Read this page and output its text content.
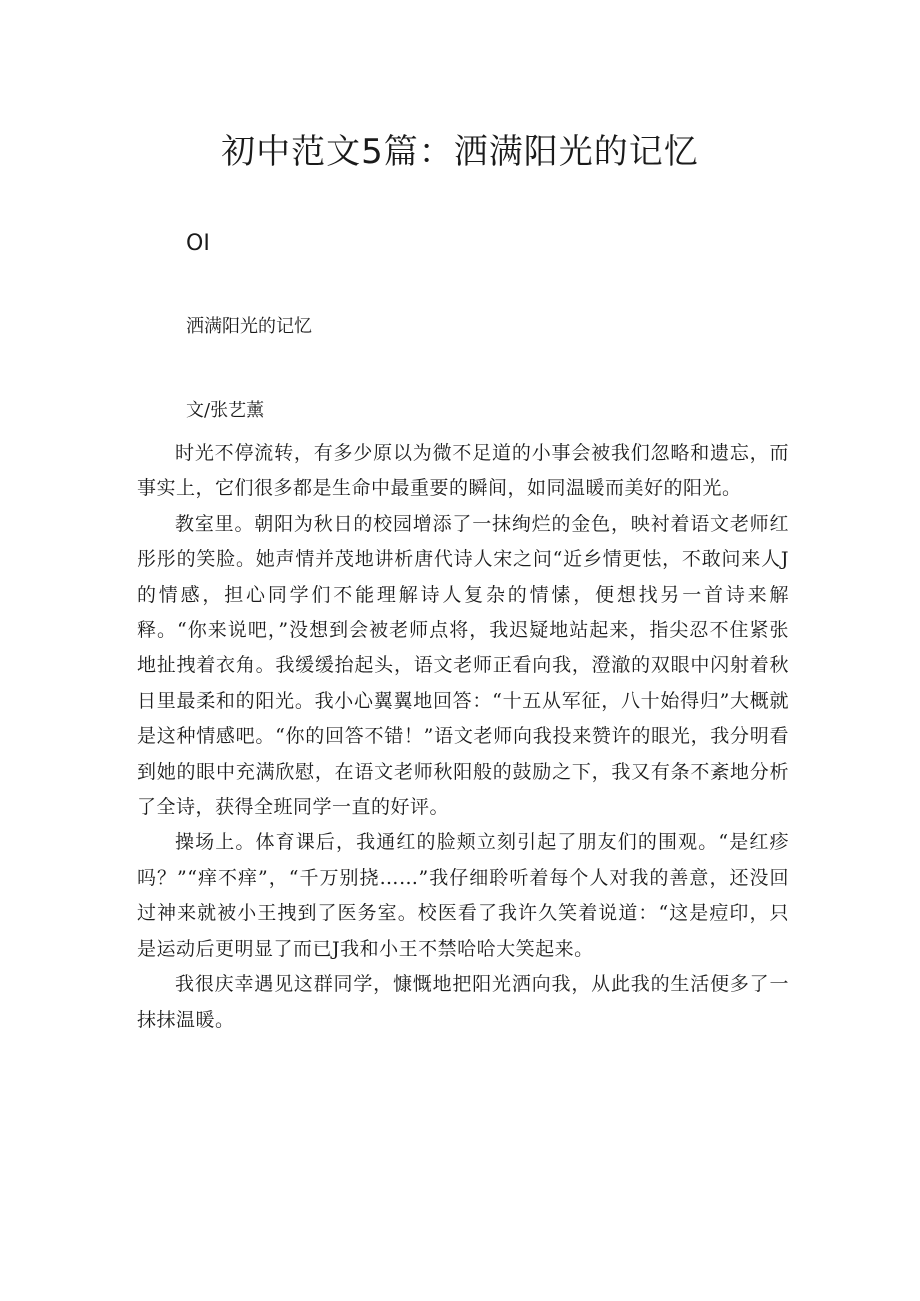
初中范文5篇：洒满阳光的记忆
OI
洒满阳光的记忆
文/张艺薰

时光不停流转，有多少原以为微不足道的小事会被我们忽略和遗忘，而事实上，它们很多都是生命中最重要的瞬间，如同温暖而美好的阳光。

教室里。朝阳为秋日的校园增添了一抹绚烂的金色，映衬着语文老师红彤彤的笑脸。她声情并茂地讲析唐代诗人宋之问“近乡情更怯，不敢问来人J的情感，担心同学们不能理解诗人复杂的情愫，便想找另一首诗来解释。“你来说吧，”没想到会被老师点将，我迟疑地站起来，指尖忍不住紧张地扯拽着衣角。我缓缓抬起头，语文老师正看向我，澄澈的双眼中闪射着秋日里最柔和的阳光。我小心翼翼地回答：“十五从军征，八十始得归”大概就是这种情感吧。“你的回答不错！”语文老师向我投来赞许的眼光，我分明看到她的眼中充满欣慰，在语文老师秋阳般的鼓励之下，我又有条不紊地分析了全诗，获得全班同学一直的好评。

操场上。体育课后，我通红的脸颊立刻引起了朋友们的围观。“是红疹吗？”“痒不痒”，“千万别挠……”我仔细聆听着每个人对我的善意，还没回过神来就被小王拽到了医务室。校医看了我许久笑着说道：“这是痘印，只是运动后更明显了而已J我和小王不禁哈哈大笑起来。

我很庆幸遇见这群同学，慷慨地把阳光洒向我，从此我的生活便多了一抹抹温暖。
